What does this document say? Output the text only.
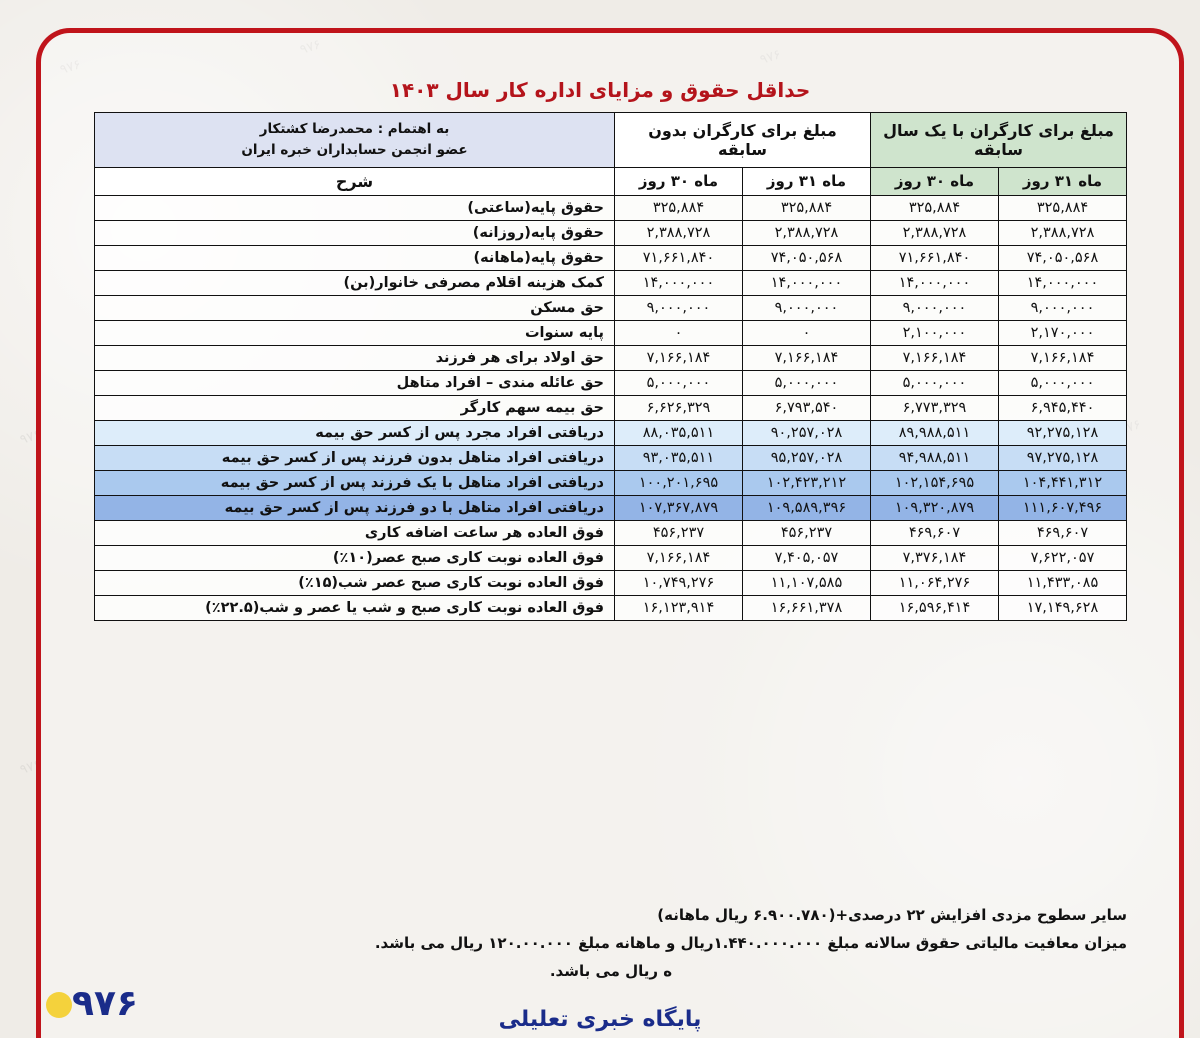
۹۷۶
۹۷۶	۹۷۶
۹۷۶
۹۷۶
۹۷۶
حداقل حقوق و مزایای اداره کار سال ۱۴۰۳
مبلغ برای کارگران با یک سال سابقه		مبلغ برای کارگران بدون سابقه		به اهتمام : محمدرضا کشتکار
عضو انجمن حسابداران خبره ایران

ماه ۳۱ روز	ماه ۳۰ روز	ماه ۳۱ روز	ماه ۳۰ روز	شرح
۳۲۵,۸۸۴	۳۲۵,۸۸۴	۳۲۵,۸۸۴	۳۲۵,۸۸۴	حقوق پایه(ساعتی)
۲,۳۸۸,۷۲۸	۲,۳۸۸,۷۲۸	۲,۳۸۸,۷۲۸	۲,۳۸۸,۷۲۸	حقوق پایه(روزانه)
۷۴,۰۵۰,۵۶۸	۷۱,۶۶۱,۸۴۰	۷۴,۰۵۰,۵۶۸	۷۱,۶۶۱,۸۴۰	حقوق پایه(ماهانه)
۱۴,۰۰۰,۰۰۰	۱۴,۰۰۰,۰۰۰	۱۴,۰۰۰,۰۰۰	۱۴,۰۰۰,۰۰۰	کمک هزینه اقلام مصرفی خانوار(بن)
۹,۰۰۰,۰۰۰	۹,۰۰۰,۰۰۰	۹,۰۰۰,۰۰۰	۹,۰۰۰,۰۰۰	حق مسکن
۲,۱۷۰,۰۰۰	۲,۱۰۰,۰۰۰	۰	۰	پایه سنوات
۷,۱۶۶,۱۸۴	۷,۱۶۶,۱۸۴	۷,۱۶۶,۱۸۴	۷,۱۶۶,۱۸۴	حق اولاد برای هر فرزند
۵,۰۰۰,۰۰۰	۵,۰۰۰,۰۰۰	۵,۰۰۰,۰۰۰	۵,۰۰۰,۰۰۰	حق عائله مندی – افراد متاهل
۶,۹۴۵,۴۴۰	۶,۷۷۳,۳۲۹	۶,۷۹۳,۵۴۰	۶,۶۲۶,۳۲۹	حق بیمه سهم کارگر
۹۲,۲۷۵,۱۲۸	۸۹,۹۸۸,۵۱۱	۹۰,۲۵۷,۰۲۸	۸۸,۰۳۵,۵۱۱	دریافتی افراد مجرد پس از کسر حق بیمه
۹۷,۲۷۵,۱۲۸	۹۴,۹۸۸,۵۱۱	۹۵,۲۵۷,۰۲۸	۹۳,۰۳۵,۵۱۱	دریافتی افراد متاهل بدون فرزند پس از کسر حق بیمه
۱۰۴,۴۴۱,۳۱۲	۱۰۲,۱۵۴,۶۹۵	۱۰۲,۴۲۳,۲۱۲	۱۰۰,۲۰۱,۶۹۵	دریافتی افراد متاهل با یک فرزند پس از کسر حق بیمه
۱۱۱,۶۰۷,۴۹۶	۱۰۹,۳۲۰,۸۷۹	۱۰۹,۵۸۹,۳۹۶	۱۰۷,۳۶۷,۸۷۹	دریافتی افراد متاهل با دو فرزند پس از کسر حق بیمه
۴۶۹,۶۰۷	۴۶۹,۶۰۷	۴۵۶,۲۳۷	۴۵۶,۲۳۷	فوق العاده هر ساعت اضافه کاری
۷,۶۲۲,۰۵۷	۷,۳۷۶,۱۸۴	۷,۴۰۵,۰۵۷	۷,۱۶۶,۱۸۴	فوق العاده نوبت کاری صبح عصر(۱۰٪)
۱۱,۴۳۳,۰۸۵	۱۱,۰۶۴,۲۷۶	۱۱,۱۰۷,۵۸۵	۱۰,۷۴۹,۲۷۶	فوق العاده نوبت کاری صبح عصر شب(۱۵٪)
۱۷,۱۴۹,۶۲۸	۱۶,۵۹۶,۴۱۴	۱۶,۶۶۱,۳۷۸	۱۶,۱۲۳,۹۱۴	فوق العاده نوبت کاری صبح و شب یا عصر و شب(۲۲.۵٪)
سایر سطوح مزدی افزایش ۲۲ درصدی+(۶.۹۰۰.۷۸۰ ریال ماهانه)
میزان معافیت مالیاتی حقوق سالانه مبلغ ۱.۴۴۰.۰۰۰.۰۰۰ریال و ماهانه مبلغ ۱۲۰.۰۰.۰۰۰ ریال می باشد.
ه ریال می باشد.
پایگاه خبری تعلیلی
۹۷۶
